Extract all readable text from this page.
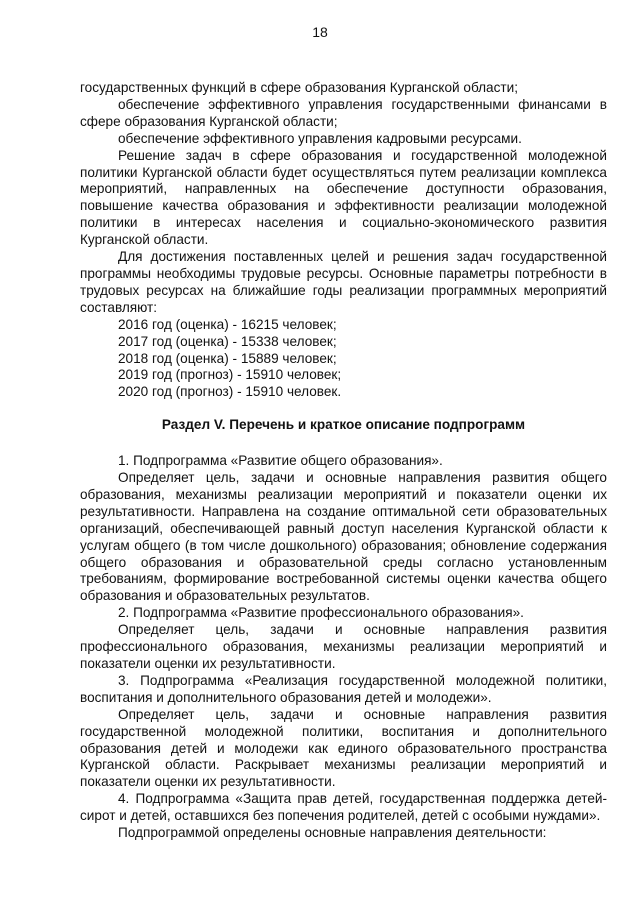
18

государственных функций в сфере образования Курганской области;

обеспечение эффективного управления государственными финансами в сфере образования Курганской области;

обеспечение эффективного управления кадровыми ресурсами.

Решение задач в сфере образования и государственной молодежной политики Курганской области будет осуществляться путем реализации комплекса мероприятий, направленных на обеспечение доступности образования, повышение качества образования и эффективности реализации молодежной политики в интересах населения и социально-экономического развития Курганской области.

Для достижения поставленных целей и решения задач государственной программы необходимы трудовые ресурсы. Основные параметры потребности в трудовых ресурсах на ближайшие годы реализации программных мероприятий составляют:

2016 год (оценка) - 16215 человек;

2017 год (оценка) - 15338 человек;

2018 год (оценка) - 15889 человек;

2019 год (прогноз) - 15910 человек;

2020 год (прогноз) - 15910 человек.

Раздел V. Перечень и краткое описание подпрограмм

1. Подпрограмма «Развитие общего образования».

Определяет цель, задачи и основные направления развития общего образования, механизмы реализации мероприятий и показатели оценки их результативности. Направлена на создание оптимальной сети образовательных организаций, обеспечивающей равный доступ населения Курганской области к услугам общего (в том числе дошкольного) образования; обновление содержания общего образования и образовательной среды согласно установленным требованиям, формирование востребованной системы оценки качества общего образования и образовательных результатов.

2. Подпрограмма «Развитие профессионального образования».

Определяет цель, задачи и основные направления развития профессионального образования, механизмы реализации мероприятий и показатели оценки их результативности.

3. Подпрограмма «Реализация государственной молодежной политики, воспитания и дополнительного образования детей и молодежи».

Определяет цель, задачи и основные направления развития государственной молодежной политики, воспитания и дополнительного образования детей и молодежи как единого образовательного пространства Курганской области. Раскрывает механизмы реализации мероприятий и показатели оценки их результативности.

4. Подпрограмма «Защита прав детей, государственная поддержка детей-сирот и детей, оставшихся без попечения родителей, детей с особыми нуждами».

Подпрограммой определены основные направления деятельности:
